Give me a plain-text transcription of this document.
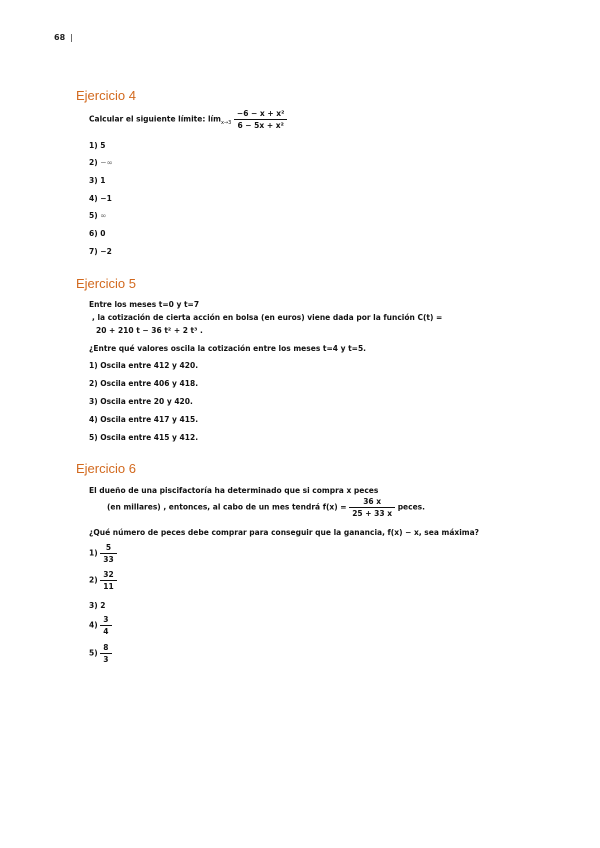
68 |
Ejercicio 4
Calcular el siguiente límite: lím$_{x\to 3}$ $\frac{\text{−6 − x + x²}}{\text{6 − 5x + x²}}$
1) 5
2) −∞
3) 1
4) −1
5) ∞
6) 0
7) −2
Ejercicio 5
Entre los meses t=0 y t=7
, la cotización de cierta acción en bolsa (en euros) viene dada por la función C(t) =
20 + 210 t − 36 t² + 2 t³ .
¿Entre qué valores oscila la cotización entre los meses t=4 y t=5.
1) Oscila entre 412 y 420.
2) Oscila entre 406 y 418.
3) Oscila entre 20 y 420.
4) Oscila entre 417 y 415.
5) Oscila entre 415 y 412.
Ejercicio 6
El dueño de una piscifactoría ha determinado que si compra x peces
(en millares) , entonces, al cabo de un mes tendrá $f(x) = \frac{36 x}{25 + 33 x}$ peces.
¿Qué número de peces debe comprar para conseguir que la ganancia, f(x) − x, sea máxima?
$1) \frac{5}{33}$
$2) \frac{32}{11}$
3) 2
$4) \frac{3}{4}$
$5) \frac{8}{3}$
